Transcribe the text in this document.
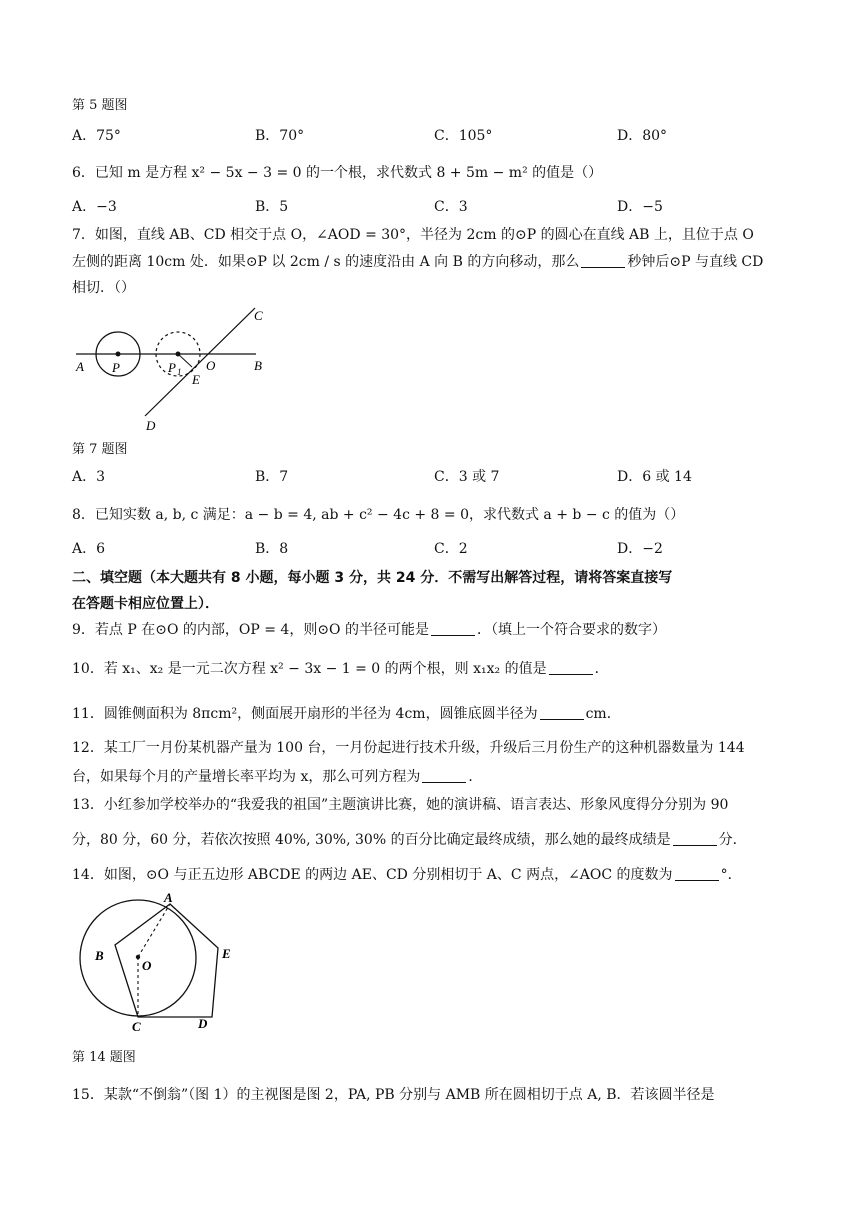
第 5 题图
A．75°	B．70°	C．105°	D．80°
6．已知 m 是方程 x² − 5x − 3 = 0 的一个根，求代数式 8 + 5m − m² 的值是（）
A．−3	B．5	C．3	D．−5
7．如图，直线 AB、CD 相交于点 O，∠AOD = 30°，半径为 2cm 的⊙P 的圆心在直线 AB 上，且位于点 O
左侧的距离 10cm 处．如果⊙P 以 2cm / s 的速度沿由 A 向 B 的方向移动，那么	秒钟后⊙P 与直线 CD
相切．（）
A P	P 1 O	B
C
D
E
第 7 题图
A．3	B．7	C．3 或 7	D．6 或 14
8．已知实数 a, b, c 满足：a − b = 4, ab + c² − 4c + 8 = 0，求代数式 a + b − c 的值为（）
A．6	B．8	C．2	D．−2
二、填空题（本大题共有 8 小题，每小题 3 分，共 24 分．不需写出解答过程，请将答案直接写
在答题卡相应位置上）．
9．若点 P 在⊙O 的内部，OP = 4，则⊙O 的半径可能是	．（填上一个符合要求的数字）
10．若 x₁、x₂ 是一元二次方程 x² − 3x − 1 = 0 的两个根，则 x₁x₂ 的值是	．
11．圆锥侧面积为 8πcm²，侧面展开扇形的半径为 4cm，圆锥底圆半径为	cm．
12．某工厂一月份某机器产量为 100 台，一月份起进行技术升级，升级后三月份生产的这种机器数量为 144
台，如果每个月的产量增长率平均为 x，那么可列方程为	．
13．小红参加学校举办的“我爱我的祖国”主题演讲比赛，她的演讲稿、语言表达、形象风度得分分别为 90
分，80 分，60 分，若依次按照 40%, 30%, 30% 的百分比确定最终成绩，那么她的最终成绩是	分．
14．如图，⊙O 与正五边形 ABCDE 的两边 AE、CD 分别相切于 A、C 两点，∠AOC 的度数为	°．
A
B
C	D
E
O
第 14 题图
15．某款“不倒翁”（图 1）的主视图是图 2，PA, PB 分别与 AMB 所在圆相切于点 A, B．若该圆半径是
